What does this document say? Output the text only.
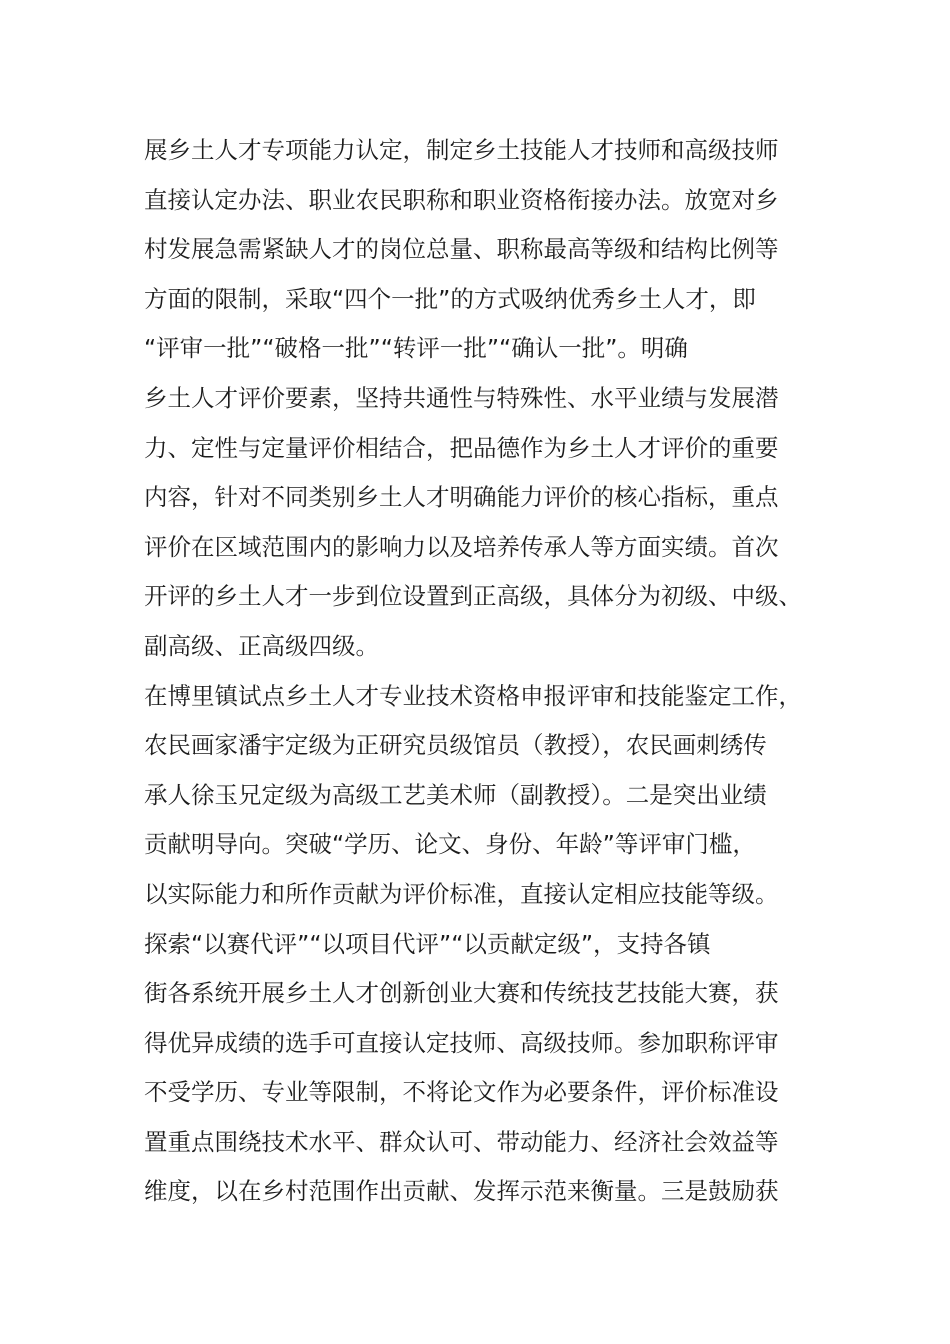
展乡土人才专项能力认定，制定乡土技能人才技师和高级技师
直接认定办法、职业农民职称和职业资格衔接办法。放宽对乡
村发展急需紧缺人才的岗位总量、职称最高等级和结构比例等
方面的限制，采取“四个一批”的方式吸纳优秀乡土人才，即
“评审一批”“破格一批”“转评一批”“确认一批”。明确
乡土人才评价要素，坚持共通性与特殊性、水平业绩与发展潜
力、定性与定量评价相结合，把品德作为乡土人才评价的重要
内容，针对不同类别乡土人才明确能力评价的核心指标，重点
评价在区域范围内的影响力以及培养传承人等方面实绩。首次
开评的乡土人才一步到位设置到正高级，具体分为初级、中级、
副高级、正高级四级。
在博里镇试点乡土人才专业技术资格申报评审和技能鉴定工作，
农民画家潘宇定级为正研究员级馆员（教授），农民画刺绣传
承人徐玉兄定级为高级工艺美术师（副教授）。二是突出业绩
贡献明导向。突破“学历、论文、身份、年龄”等评审门槛，
以实际能力和所作贡献为评价标准，直接认定相应技能等级。
探索“以赛代评”“以项目代评”“以贡献定级”，支持各镇
街各系统开展乡土人才创新创业大赛和传统技艺技能大赛，获
得优异成绩的选手可直接认定技师、高级技师。参加职称评审
不受学历、专业等限制，不将论文作为必要条件，评价标准设
置重点围绕技术水平、群众认可、带动能力、经济社会效益等
维度，以在乡村范围作出贡献、发挥示范来衡量。三是鼓励获
